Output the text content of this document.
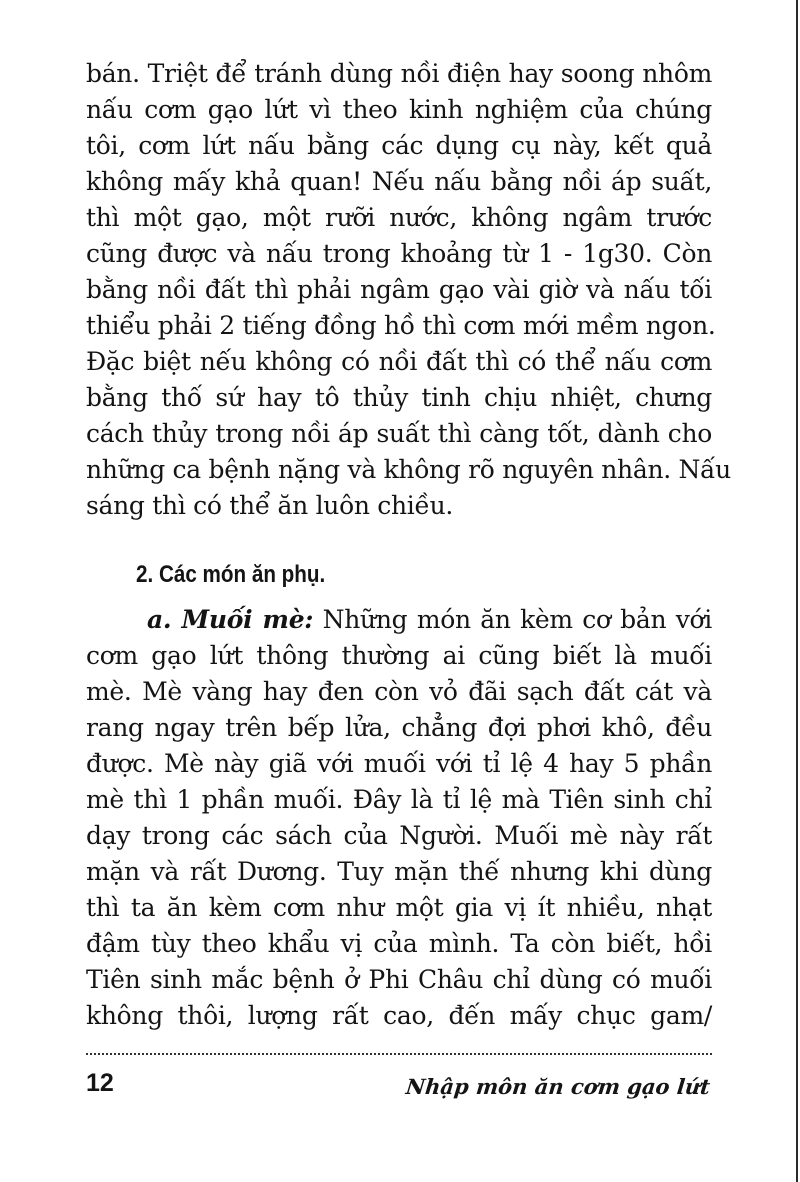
bán. Triệt để tránh dùng nồi điện hay soong nhôm
nấu cơm gạo lứt vì theo kinh nghiệm của chúng
tôi, cơm lứt nấu bằng các dụng cụ này, kết quả
không mấy khả quan! Nếu nấu bằng nồi áp suất,
thì một gạo, một rưỡi nước, không ngâm trước
cũng được và nấu trong khoảng từ 1 - 1g30. Còn
bằng nồi đất thì phải ngâm gạo vài giờ và nấu tối
thiểu phải 2 tiếng đồng hồ thì cơm mới mềm ngon.
Đặc biệt nếu không có nồi đất thì có thể nấu cơm
bằng thố sứ hay tô thủy tinh chịu nhiệt, chưng
cách thủy trong nồi áp suất thì càng tốt, dành cho
những ca bệnh nặng và không rõ nguyên nhân. Nấu
sáng thì có thể ăn luôn chiều.
2. Các món ăn phụ.
a. Muối mè: Những món ăn kèm cơ bản với
cơm gạo lứt thông thường ai cũng biết là muối
mè. Mè vàng hay đen còn vỏ đãi sạch đất cát và
rang ngay trên bếp lửa, chẳng đợi phơi khô, đều
được. Mè này giã với muối với tỉ lệ 4 hay 5 phần
mè thì 1 phần muối. Đây là tỉ lệ mà Tiên sinh chỉ
dạy trong các sách của Người. Muối mè này rất
mặn và rất Dương. Tuy mặn thế nhưng khi dùng
thì ta ăn kèm cơm như một gia vị ít nhiều, nhạt
đậm tùy theo khẩu vị của mình. Ta còn biết, hồi
Tiên sinh mắc bệnh ở Phi Châu chỉ dùng có muối
không thôi, lượng rất cao, đến mấy chục gam/
12	Nhập môn ăn cơm gạo lứt
